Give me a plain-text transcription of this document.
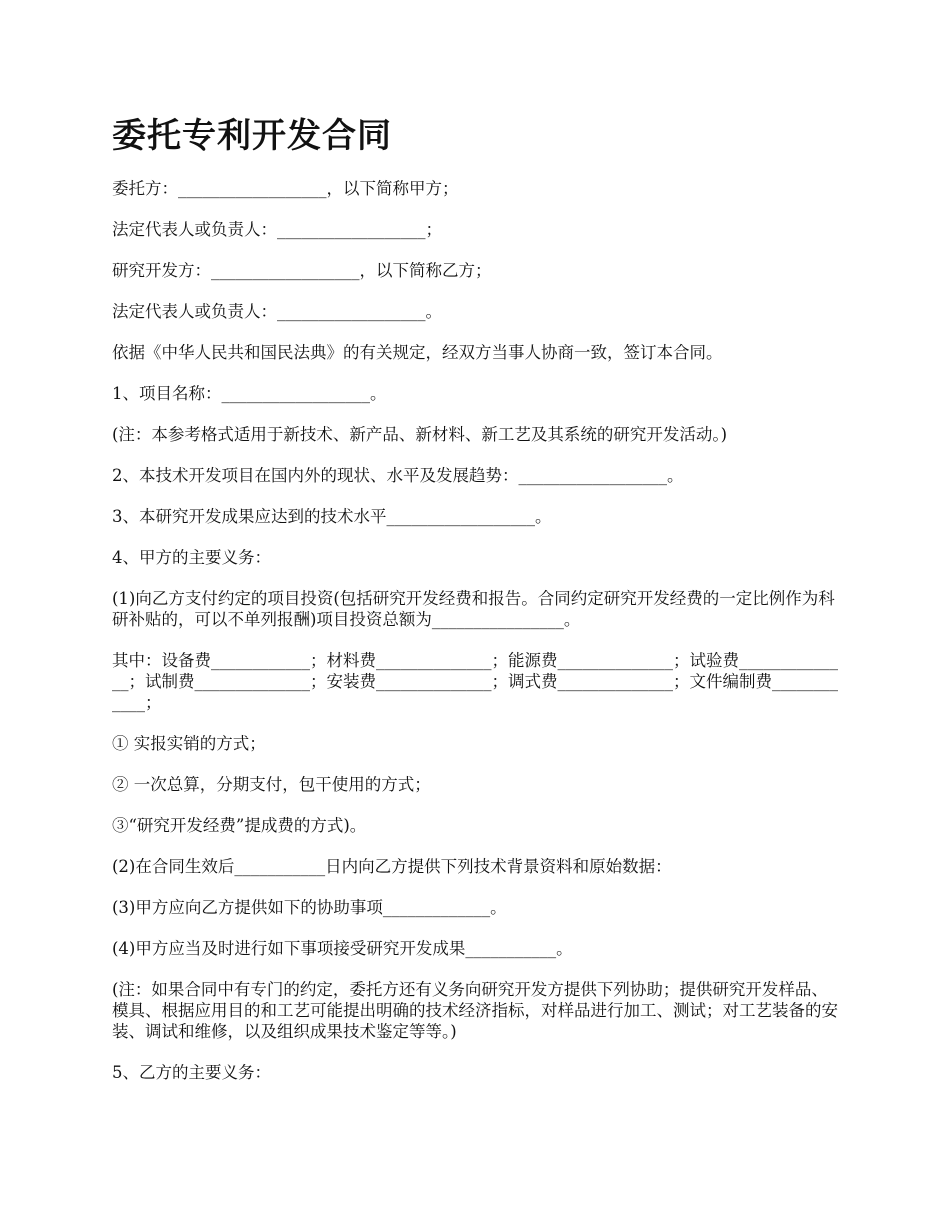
委托专利开发合同

委托方：__________________，以下简称甲方；

法定代表人或负责人：__________________；

研究开发方：__________________，以下简称乙方；

法定代表人或负责人：__________________。

依据《中华人民共和国民法典》的有关规定，经双方当事人协商一致，签订本合同。

1、项目名称：__________________。

(注：本参考格式适用于新技术、新产品、新材料、新工艺及其系统的研究开发活动。)

2、本技术开发项目在国内外的现状、水平及发展趋势：__________________。

3、本研究开发成果应达到的技术水平__________________。

4、甲方的主要义务：

(1)向乙方支付约定的项目投资(包括研究开发经费和报告。合同约定研究开发经费的一定比例作为科研补贴的，可以不单列报酬)项目投资总额为________________。

其中：设备费____________；材料费______________；能源费______________；试验费______________；试制费______________；安装费______________；调式费______________；文件编制费____________；

① 实报实销的方式；

② 一次总算，分期支付，包干使用的方式；

③“研究开发经费”提成费的方式)。

(2)在合同生效后___________日内向乙方提供下列技术背景资料和原始数据：

(3)甲方应向乙方提供如下的协助事项_____________。

(4)甲方应当及时进行如下事项接受研究开发成果___________。

(注：如果合同中有专门的约定，委托方还有义务向研究开发方提供下列协助；提供研究开发样品、模具、根据应用目的和工艺可能提出明确的技术经济指标，对样品进行加工、测试；对工艺装备的安装、调试和维修，以及组织成果技术鉴定等等。)

5、乙方的主要义务：
